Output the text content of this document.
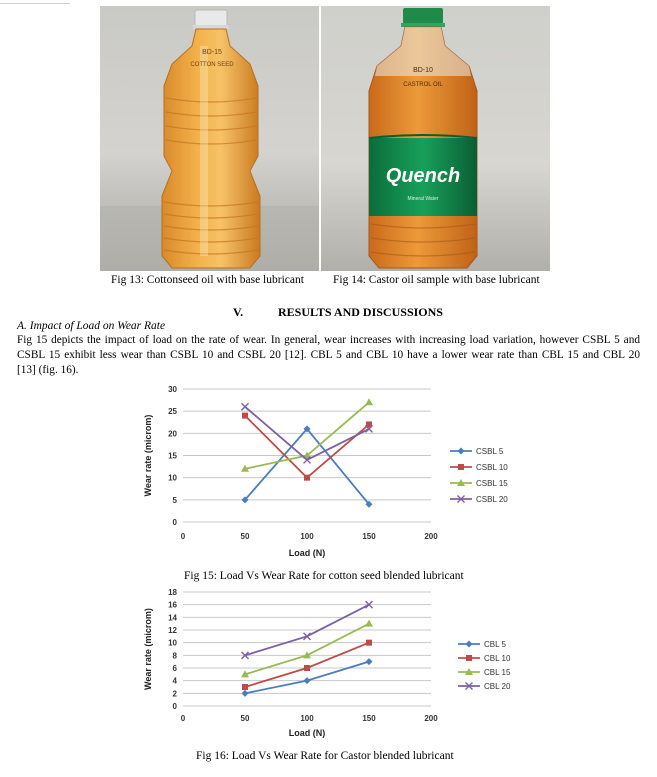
BD-15
COTTON SEED
Quench
Mineral Water
BD-10
CASTROL OIL
Fig 13: Cottonseed oil with base lubricant	Fig 14: Castor oil sample with base lubricant
V.	RESULTS AND DISCUSSIONS
A. Impact of Load on Wear Rate
Fig 15 depicts the impact of load on the rate of wear. In general, wear increases with increasing load variation, however CSBL 5 and
CSBL 15 exhibit less wear than CSBL 10 and CSBL 20 [12]. CBL 5 and CBL 10 have a lower wear rate than CBL 15 and CBL 20
[13] (fig. 16).
0
5
10
15
20
25
30
0	50	100	150	200
Load (N)
Wear rate (microm)	CSBL 5
CSBL 10
CSBL 15
CSBL 20
Fig 15: Load Vs Wear Rate for cotton seed blended lubricant
0
2
4
6
8
10
12
14
16
18
0	50	100	150	200
Load (N)
Wear rate (microm)	CBL 5
CBL 10
CBL 15
CBL 20
Fig 16: Load Vs Wear Rate for Castor blended lubricant
